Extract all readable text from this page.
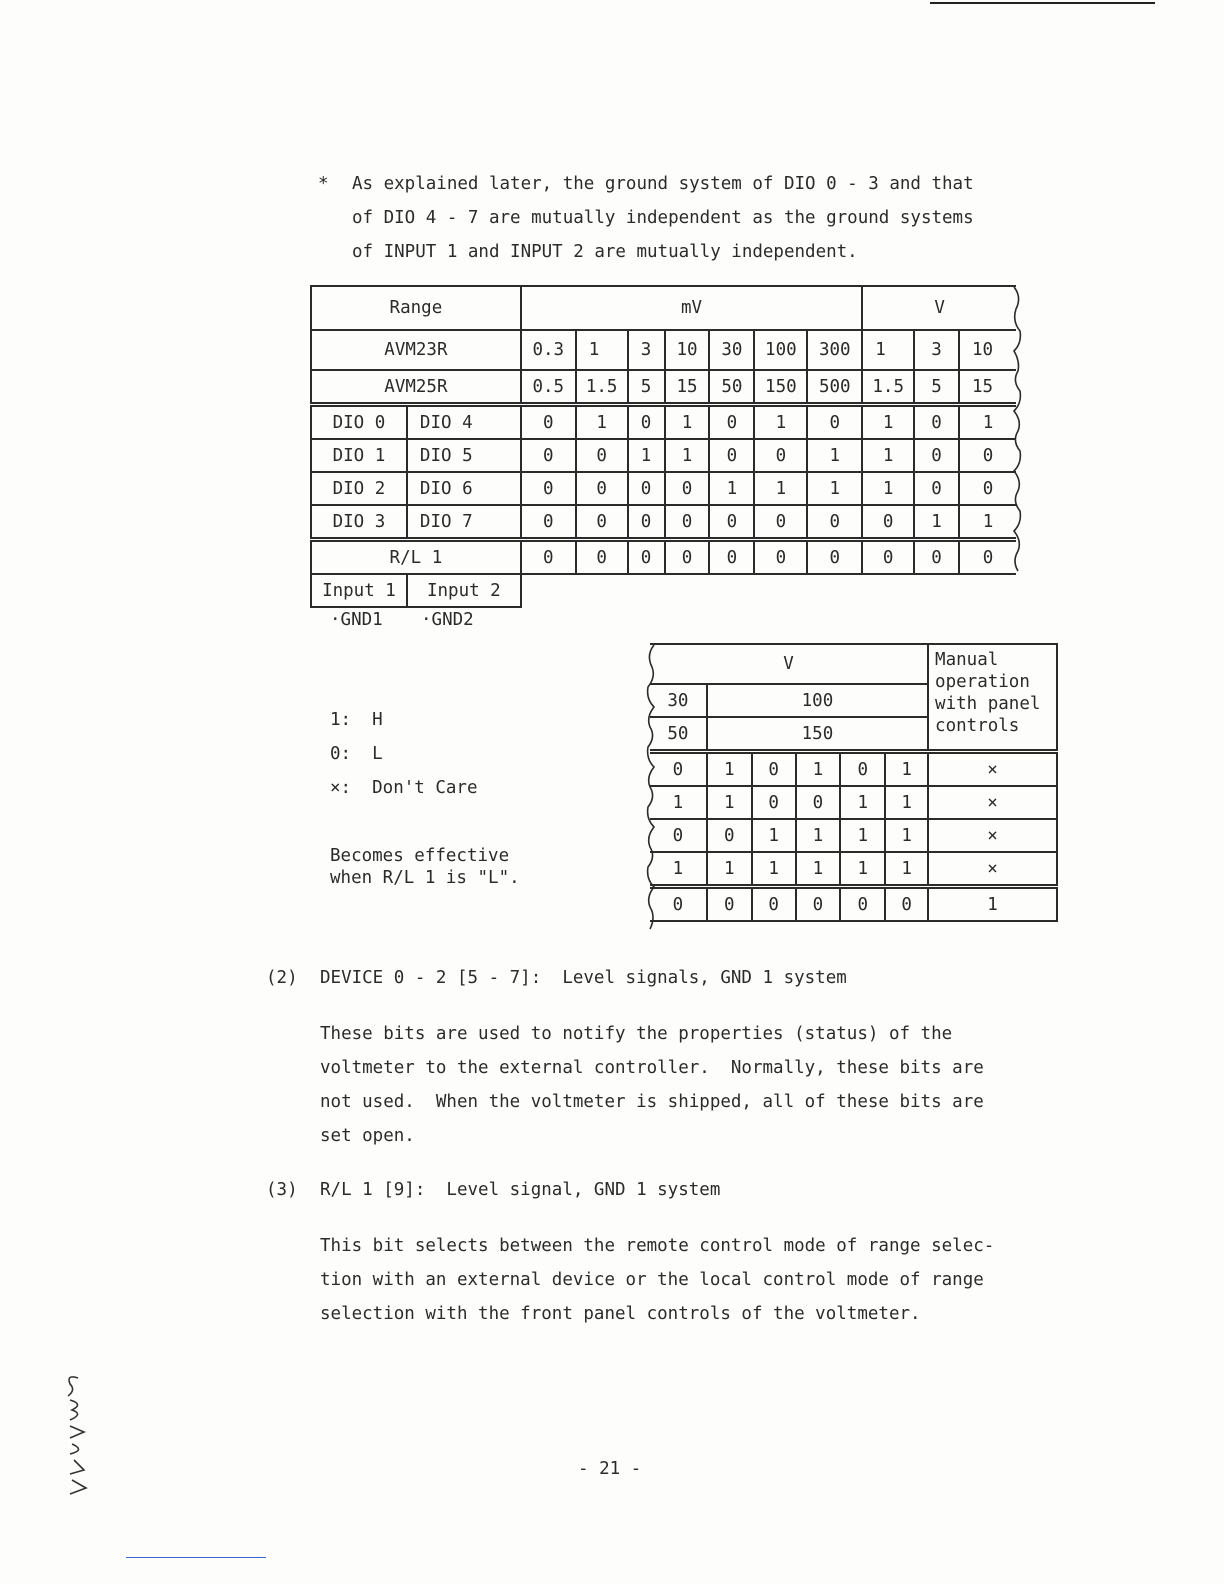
* As explained later, the ground system of DIO 0 - 3 and that
of DIO 4 - 7 are mutually independent as the ground systems
of INPUT 1 and INPUT 2 are mutually independent.
Range		mV							V		
AVM23R		0.3	1	3	10	30	100	300	1	3	10
AVM25R		0.5	1.5	5	15	50	150	500	1.5	5	15
DIO 0	DIO 4	0	1	0	1	0	1	0	1	0	1
DIO 1	DIO 5	0	0	1	1	0	0	1	1	0	0
DIO 2	DIO 6	0	0	0	0	1	1	1	1	0	0
DIO 3	DIO 7	0	0	0	0	0	0	0	0	1	1
R/L 1		0	0	0	0	0	0	0	0	0	0
Input 1	Input 2										
·GND1 ·GND2
1:  H
0:  L
×:  Don't Care
Becomes effective
when R/L 1 is "L".
V						Manual operation with panel controls
30	100					
50	150					
0	1	0	1	0	1	×
1	1	0	0	1	1	×
0	0	1	1	1	1	×
1	1	1	1	1	1	×
0	0	0	0	0	0	1
(2) DEVICE 0 - 2 [5 - 7]:  Level signals, GND 1 system
These bits are used to notify the properties (status) of the
voltmeter to the external controller.  Normally, these bits are
not used.  When the voltmeter is shipped, all of these bits are
set open.
(3) R/L 1 [9]:  Level signal, GND 1 system
This bit selects between the remote control mode of range selec-
tion with an external device or the local control mode of range
selection with the front panel controls of the voltmeter.
- 21 -
